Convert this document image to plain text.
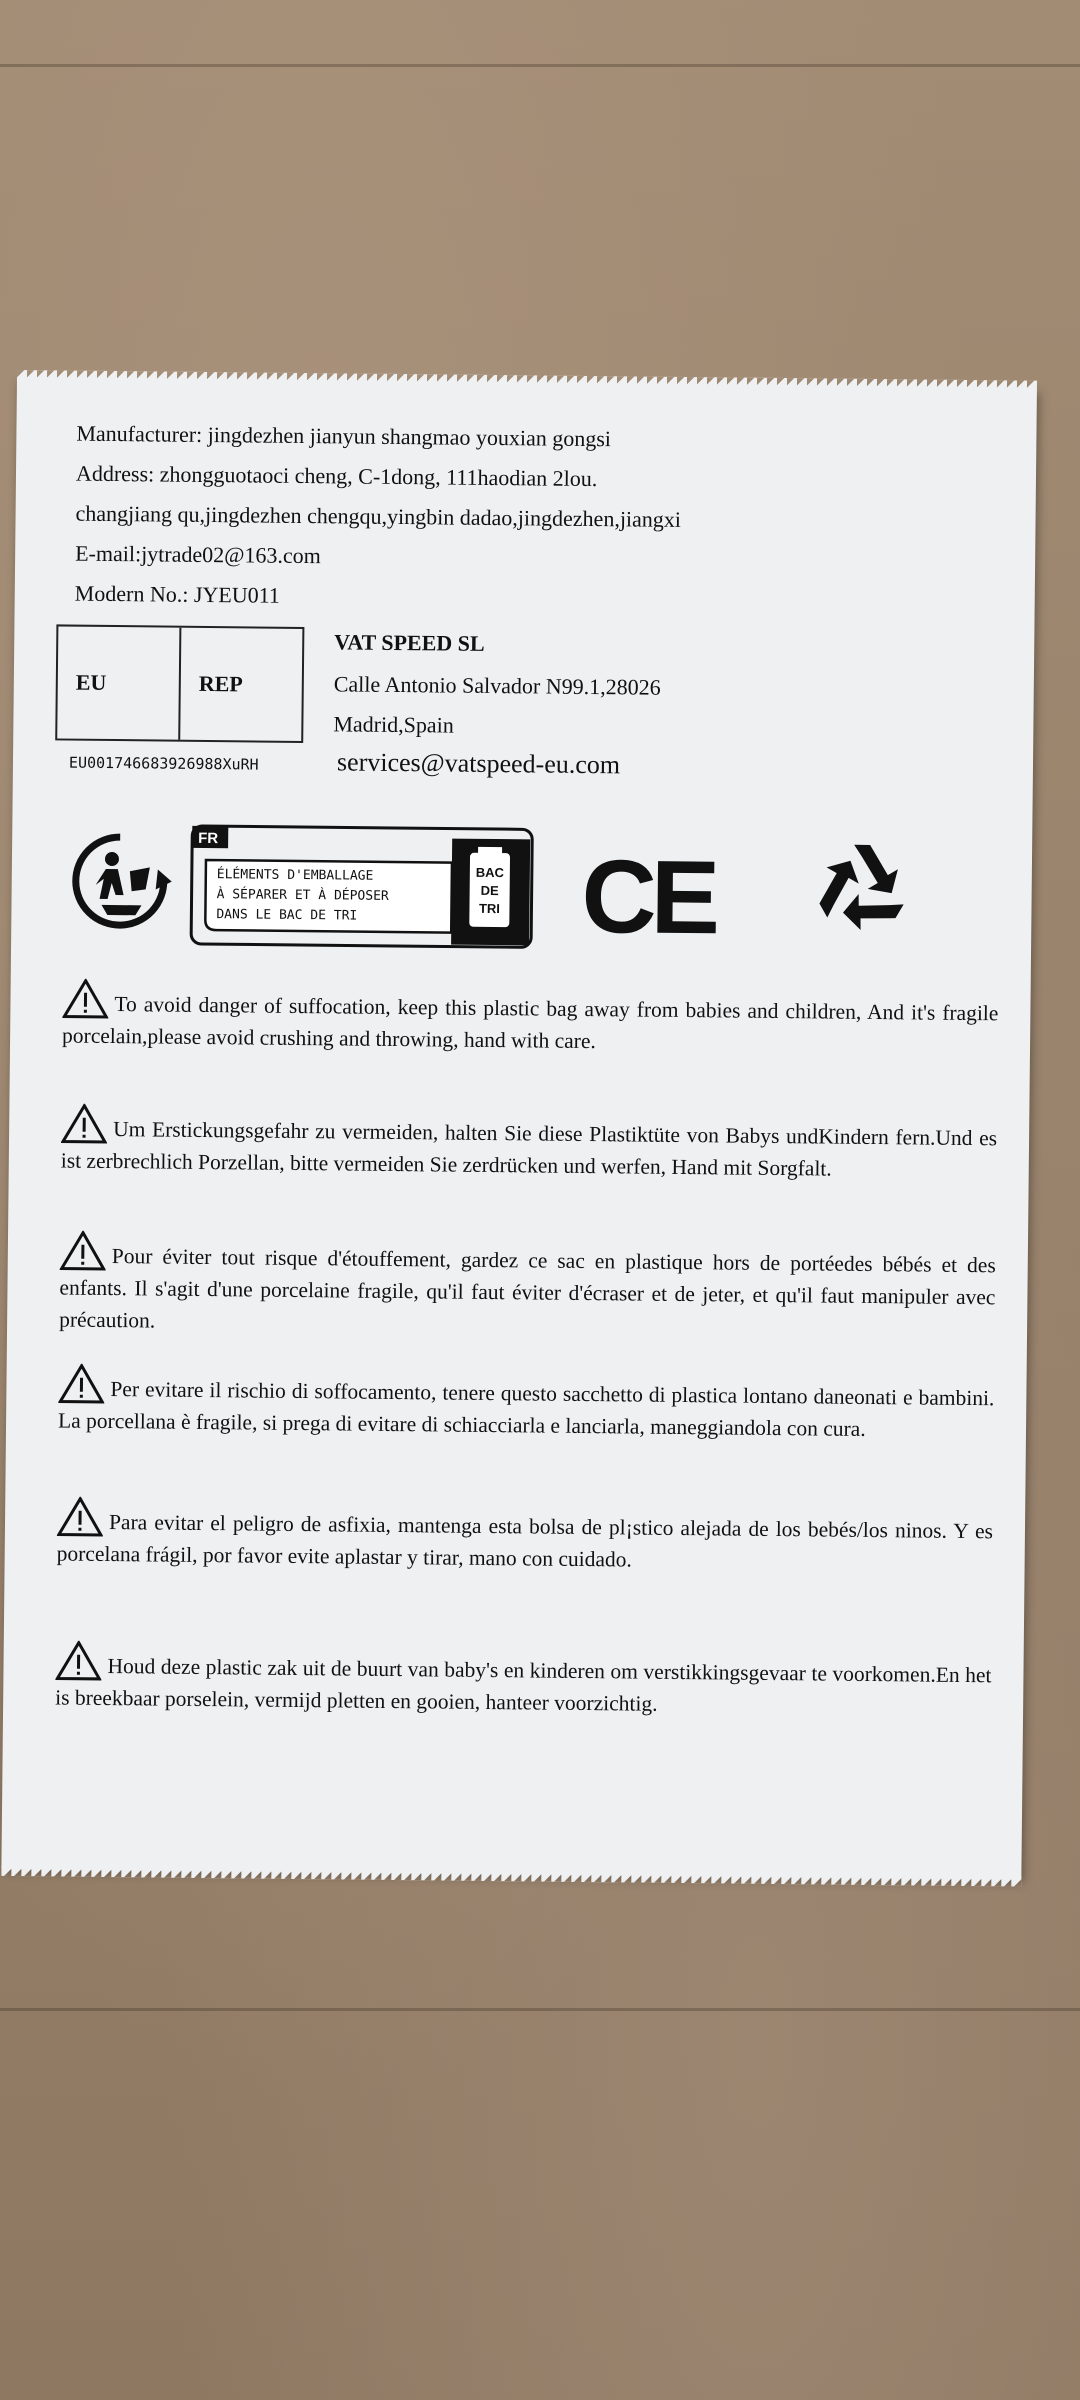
Manufacturer: jingdezhen jianyun shangmao youxian gongsi
Address: zhongguotaoci cheng, C-1dong, 111haodian 2lou.
changjiang qu,jingdezhen chengqu,yingbin dadao,jingdezhen,jiangxi
E-mail:jytrade02@163.com
Modern No.: JYEU011
EU	REP
VAT SPEED SL
Calle Antonio Salvador N99.1,28026
Madrid,Spain
EU0017466839269​88XuRH	services@vatspeed-eu.com
FR
ÉLÉMENTS D'EMBALLAGE
À SÉPARER ET À DÉPOSER
DANS LE BAC DE TRI
BAC
DE
TRI CE
To avoid danger of suffocation, keep this plastic bag away from babies and children, And it's fragile porcelain,please avoid crushing and throwing, hand with care.
Um Erstickungsgefahr zu vermeiden, halten Sie diese Plastiktüte von Babys undKindern fern.Und es ist zerbrechlich Porzellan, bitte vermeiden Sie zerdrücken und werfen, Hand mit Sorgfalt.
Pour éviter tout risque d'étouffement, gardez ce sac en plastique hors de portéedes bébés et des enfants. Il s'agit d'une porcelaine fragile, qu'il faut éviter d'écraser et de jeter, et qu'il faut manipuler avec précaution.
Per evitare il rischio di soffocamento, tenere questo sacchetto di plastica lontano daneonati e bambini. La porcellana è fragile, si prega di evitare di schiacciarla e lanciarla, maneggiandola con cura.
Para evitar el peligro de asfixia, mantenga esta bolsa de pl¡stico alejada de los bebés/los ninos. Y es porcelana frágil, por favor evite aplastar y tirar, mano con cuidado.
Houd deze plastic zak uit de buurt van baby's en kinderen om verstikkingsgevaar te voorkomen.En het is breekbaar porselein, vermijd pletten en gooien, hanteer voorzichtig.
